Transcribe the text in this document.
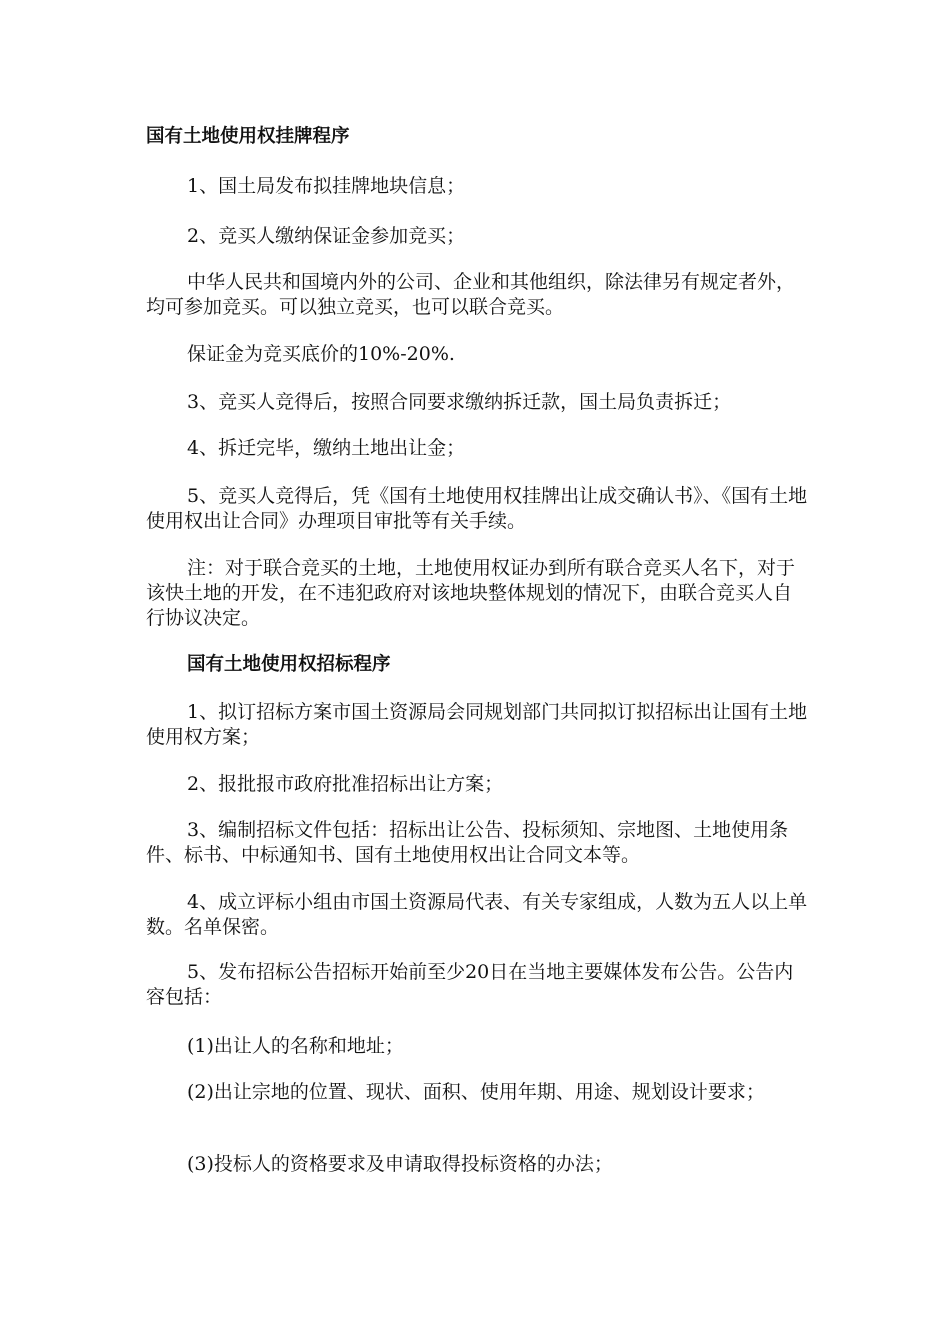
国有土地使用权挂牌程序

1、国土局发布拟挂牌地块信息；

2、竞买人缴纳保证金参加竞买；

中华人民共和国境内外的公司、企业和其他组织，除法律另有规定者外，均可参加竞买。可以独立竞买，也可以联合竞买。

保证金为竞买底价的10%-20%.

3、竞买人竞得后，按照合同要求缴纳拆迁款，国土局负责拆迁；

4、拆迁完毕，缴纳土地出让金；

5、竞买人竞得后，凭《国有土地使用权挂牌出让成交确认书》、《国有土地使用权出让合同》办理项目审批等有关手续。

注：对于联合竞买的土地，土地使用权证办到所有联合竞买人名下，对于该快土地的开发，在不违犯政府对该地块整体规划的情况下，由联合竞买人自行协议决定。

国有土地使用权招标程序

1、拟订招标方案市国土资源局会同规划部门共同拟订拟招标出让国有土地使用权方案；

2、报批报市政府批准招标出让方案；

3、编制招标文件包括：招标出让公告、投标须知、宗地图、土地使用条件、标书、中标通知书、国有土地使用权出让合同文本等。

4、成立评标小组由市国土资源局代表、有关专家组成，人数为五人以上单数。名单保密。

5、发布招标公告招标开始前至少20日在当地主要媒体发布公告。公告内容包括：

(1)出让人的名称和地址；

(2)出让宗地的位置、现状、面积、使用年期、用途、规划设计要求；

(3)投标人的资格要求及申请取得投标资格的办法；
